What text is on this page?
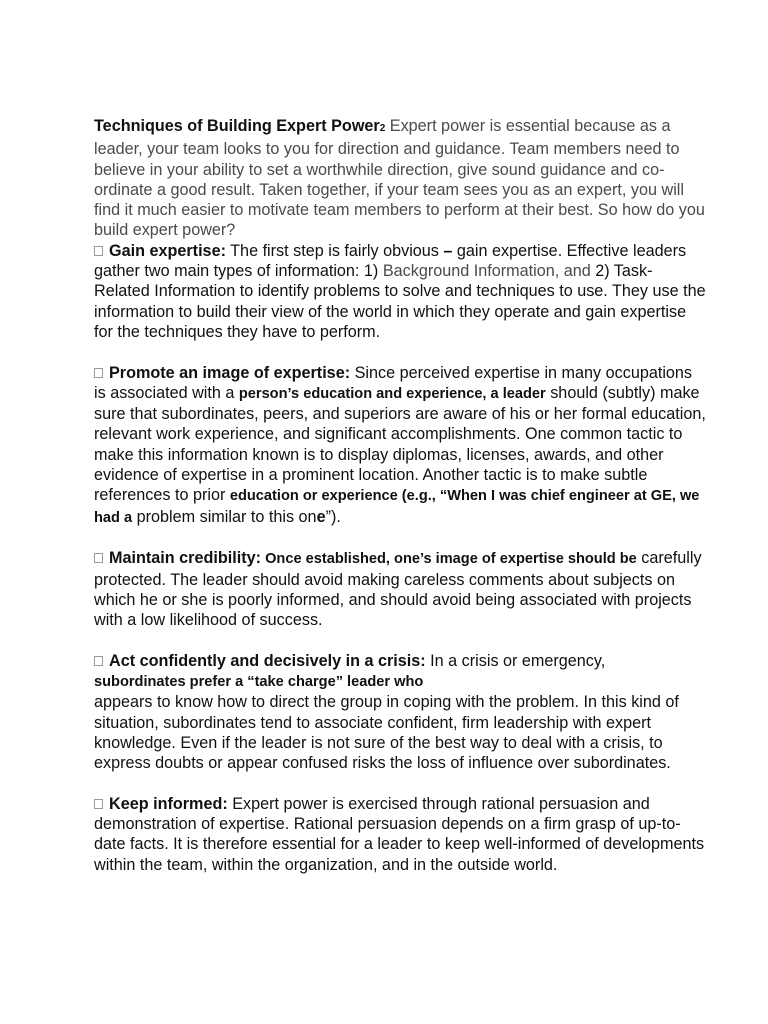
Techniques of Building Expert Power2 Expert power is essential because as a leader, your team looks to you for direction and guidance. Team members need to believe in your ability to set a worthwhile direction, give sound guidance and co-ordinate a good result. Taken together, if your team sees you as an expert, you will find it much easier to motivate team members to perform at their best. So how do you build expert power?

Gain expertise: The first step is fairly obvious – gain expertise. Effective leaders gather two main types of information: 1) Background Information, and 2) Task-Related Information to identify problems to solve and techniques to use. They use the information to build their view of the world in which they operate and gain expertise for the techniques they have to perform.

Promote an image of expertise: Since perceived expertise in many occupations is associated with a person’s education and experience, a leader should (subtly) make sure that subordinates, peers, and superiors are aware of his or her formal education, relevant work experience, and significant accomplishments. One common tactic to make this information known is to display diplomas, licenses, awards, and other evidence of expertise in a prominent location. Another tactic is to make subtle references to prior education or experience (e.g., “When I was chief engineer at GE, we had a problem similar to this one”).

Maintain credibility: Once established, one’s image of expertise should be carefully protected. The leader should avoid making careless comments about subjects on which he or she is poorly informed, and should avoid being associated with projects with a low likelihood of success.

Act confidently and decisively in a crisis: In a crisis or emergency,
subordinates prefer a “take charge” leader who
appears to know how to direct the group in coping with the problem. In this kind of situation, subordinates tend to associate confident, firm leadership with expert knowledge. Even if the leader is not sure of the best way to deal with a crisis, to express doubts or appear confused risks the loss of influence over subordinates.

Keep informed: Expert power is exercised through rational persuasion and demonstration of expertise. Rational persuasion depends on a firm grasp of up-to-date facts. It is therefore essential for a leader to keep well-informed of developments within the team, within the organization, and in the outside world.
